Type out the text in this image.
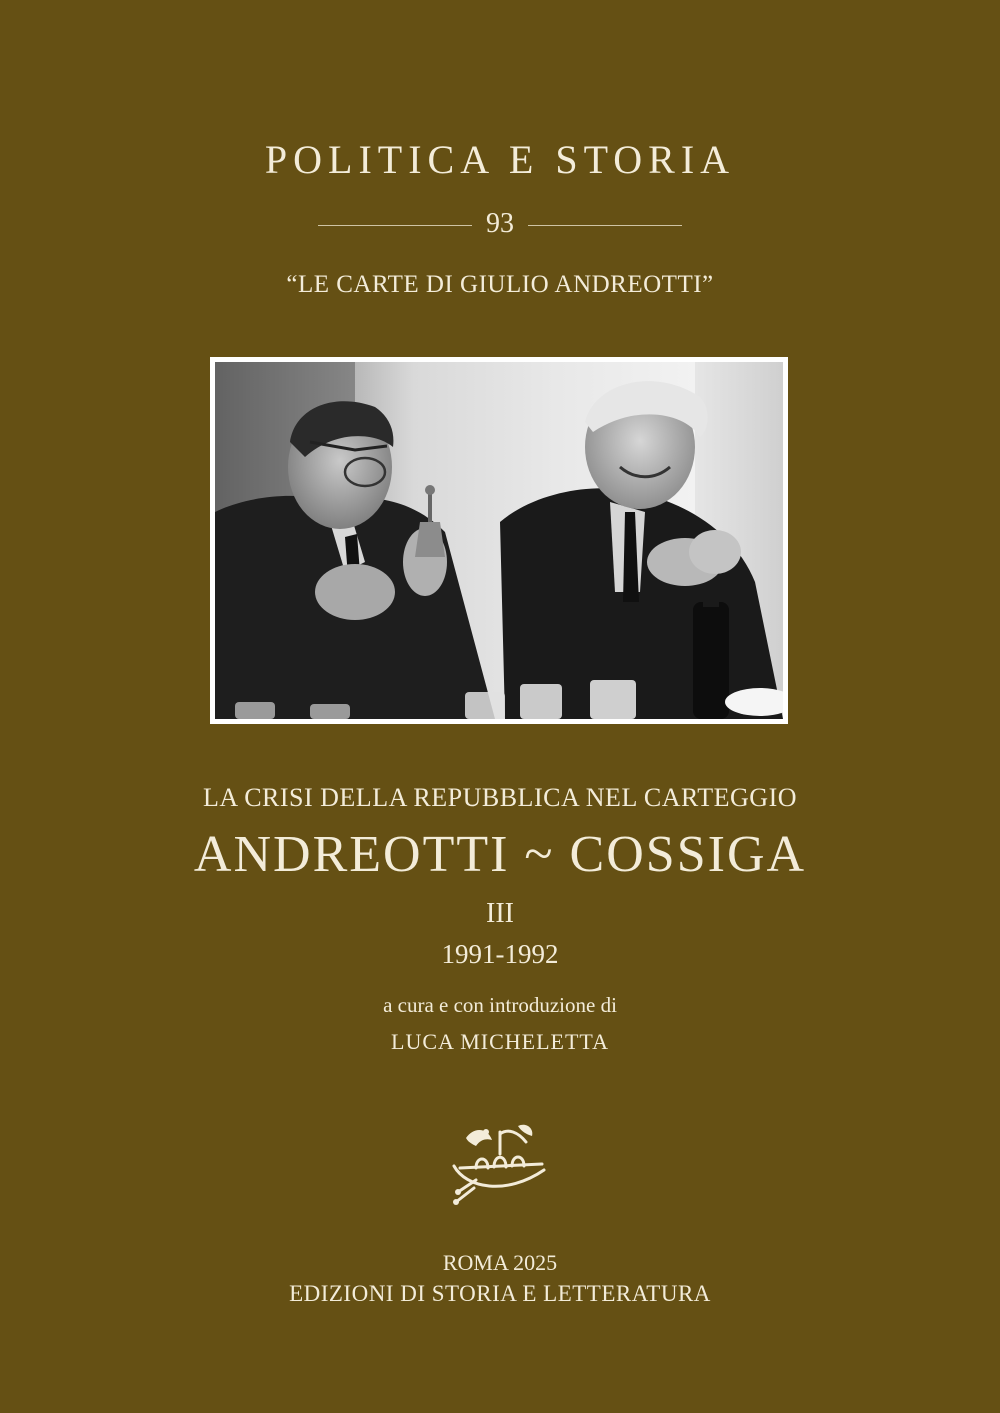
POLITICA E STORIA
93
“LE CARTE DI GIULIO ANDREOTTI”
LA CRISI DELLA REPUBBLICA NEL CARTEGGIO
ANDREOTTI ~ COSSIGA
III
1991-1992
a cura e con introduzione di
LUCA MICHELETTA
ROMA 2025
EDIZIONI DI STORIA E LETTERATURA
